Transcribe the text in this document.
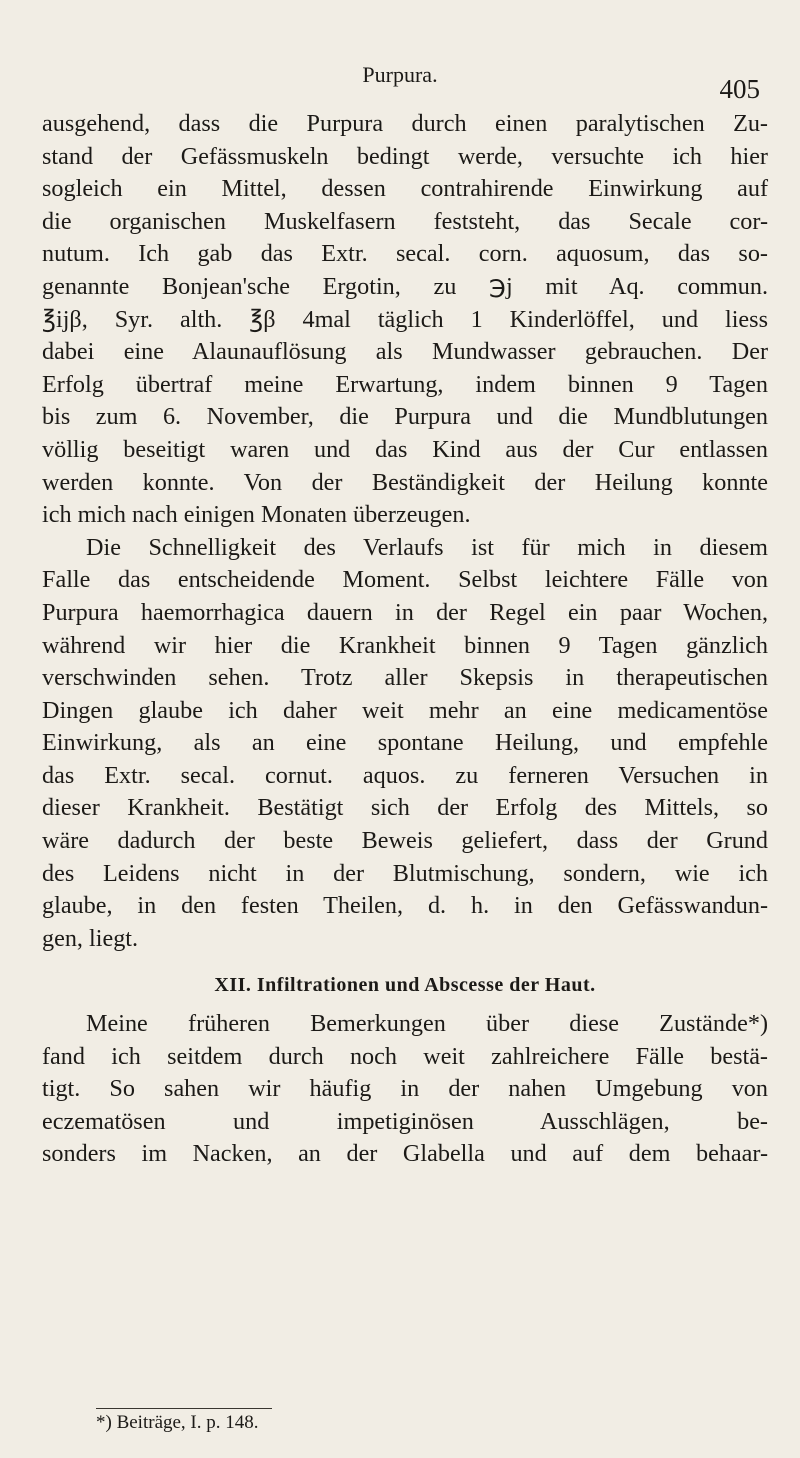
Purpura.	405
ausgehend, dass die Purpura durch einen paralytischen Zu-
stand der Gefässmuskeln bedingt werde, versuchte ich hier
sogleich ein Mittel, dessen contrahirende Einwirkung auf
die organischen Muskelfasern feststeht, das Secale cor-
nutum. Ich gab das Extr. secal. corn. aquosum, das so-
genannte Bonjean'sche Ergotin, zu ℈j mit Aq. commun.
℥ijβ, Syr. alth. ℥β 4mal täglich 1 Kinderlöffel, und liess
dabei eine Alaunauflösung als Mundwasser gebrauchen. Der
Erfolg übertraf meine Erwartung, indem binnen 9 Tagen
bis zum 6. November, die Purpura und die Mundblutungen
völlig beseitigt waren und das Kind aus der Cur entlassen
werden konnte. Von der Beständigkeit der Heilung konnte
ich mich nach einigen Monaten überzeugen.
Die Schnelligkeit des Verlaufs ist für mich in diesem
Falle das entscheidende Moment. Selbst leichtere Fälle von
Purpura haemorrhagica dauern in der Regel ein paar Wochen,
während wir hier die Krankheit binnen 9 Tagen gänzlich
verschwinden sehen. Trotz aller Skepsis in therapeutischen
Dingen glaube ich daher weit mehr an eine medicamentöse
Einwirkung, als an eine spontane Heilung, und empfehle
das Extr. secal. cornut. aquos. zu ferneren Versuchen in
dieser Krankheit. Bestätigt sich der Erfolg des Mittels, so
wäre dadurch der beste Beweis geliefert, dass der Grund
des Leidens nicht in der Blutmischung, sondern, wie ich
glaube, in den festen Theilen, d. h. in den Gefässwandun-
gen, liegt.
XII. Infiltrationen und Abscesse der Haut.
Meine früheren Bemerkungen über diese Zustände*)
fand ich seitdem durch noch weit zahlreichere Fälle bestä-
tigt. So sahen wir häufig in der nahen Umgebung von
eczematösen und impetiginösen Ausschlägen, be-
sonders im Nacken, an der Glabella und auf dem behaar-
*) Beiträge, I. p. 148.
